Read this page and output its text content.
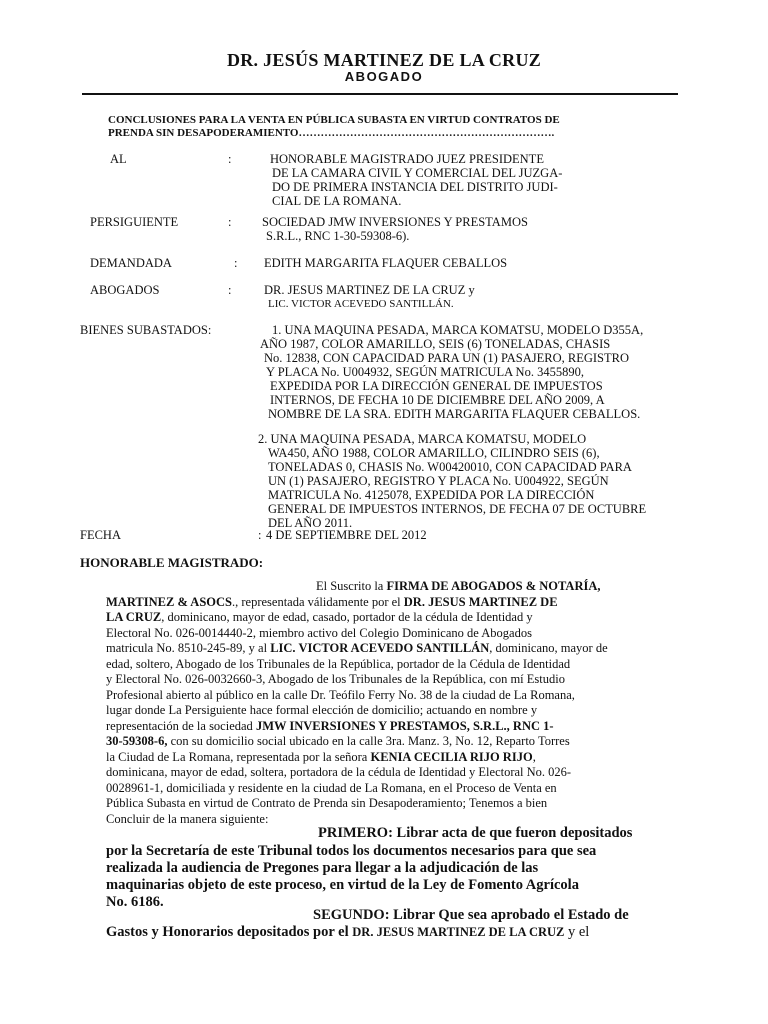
DR. JESÚS MARTINEZ DE LA CRUZ
ABOGADO
CONCLUSIONES PARA LA VENTA EN PÚBLICA SUBASTA EN VIRTUD CONTRATOS DE
PRENDA SIN DESAPODERAMIENTO…………………………………………………………….
AL	:	HONORABLE MAGISTRADO JUEZ PRESIDENTE
DE LA CAMARA CIVIL Y COMERCIAL DEL JUZGA-
DO DE PRIMERA INSTANCIA DEL DISTRITO JUDI-
CIAL DE LA ROMANA.
PERSIGUIENTE	: SOCIEDAD JMW INVERSIONES Y PRESTAMOS
S.R.L., RNC 1-30-59308-6).
DEMANDADA	: EDITH MARGARITA FLAQUER CEBALLOS
ABOGADOS	:	DR. JESUS MARTINEZ DE LA CRUZ y
LIC. VICTOR ACEVEDO SANTILLÁN.
BIENES SUBASTADOS:	1. UNA MAQUINA PESADA, MARCA KOMATSU, MODELO D355A,
AÑO 1987, COLOR AMARILLO, SEIS (6) TONELADAS, CHASIS
No. 12838, CON CAPACIDAD PARA UN (1) PASAJERO, REGISTRO
Y PLACA No. U004932, SEGÚN MATRICULA No. 3455890,
EXPEDIDA POR LA DIRECCIÓN GENERAL DE IMPUESTOS
INTERNOS, DE FECHA 10 DE DICIEMBRE DEL AÑO 2009, A
NOMBRE DE LA SRA. EDITH MARGARITA FLAQUER CEBALLOS.
2. UNA MAQUINA PESADA, MARCA KOMATSU, MODELO
WA450, AÑO 1988, COLOR AMARILLO, CILINDRO SEIS (6),
TONELADAS 0, CHASIS No. W00420010, CON CAPACIDAD PARA
UN (1) PASAJERO, REGISTRO Y PLACA No. U004922, SEGÚN
MATRICULA No. 4125078, EXPEDIDA POR LA DIRECCIÓN
GENERAL DE IMPUESTOS INTERNOS, DE FECHA 07 DE OCTUBRE
DEL AÑO 2011.
FECHA	: 4 DE SEPTIEMBRE DEL 2012
HONORABLE MAGISTRADO:
El Suscrito la FIRMA DE ABOGADOS & NOTARÍA,
MARTINEZ & ASOCS., representada válidamente por el DR. JESUS MARTINEZ DE
LA CRUZ, dominicano, mayor de edad, casado, portador de la cédula de Identidad y
Electoral No. 026-0014440-2, miembro activo del Colegio Dominicano de Abogados
matricula No. 8510-245-89, y al LIC. VICTOR ACEVEDO SANTILLÁN, dominicano, mayor de
edad, soltero, Abogado de los Tribunales de la República, portador de la Cédula de Identidad
y Electoral No. 026-0032660-3, Abogado de los Tribunales de la República, con mí Estudio
Profesional abierto al público en la calle Dr. Teófilo Ferry No. 38 de la ciudad de La Romana,
lugar donde La Persiguiente hace formal elección de domicilio; actuando en nombre y
representación de la sociedad JMW INVERSIONES Y PRESTAMOS, S.R.L., RNC 1-
30-59308-6, con su domicilio social ubicado en la calle 3ra. Manz. 3, No. 12, Reparto Torres
la Ciudad de La Romana, representada por la señora KENIA CECILIA RIJO RIJO,
dominicana, mayor de edad, soltera, portadora de la cédula de Identidad y Electoral No. 026-
0028961-1, domiciliada y residente en la ciudad de La Romana, en el Proceso de Venta en
Pública Subasta en virtud de Contrato de Prenda sin Desapoderamiento; Tenemos a bien
Concluir de la manera siguiente:
PRIMERO: Librar acta de que fueron depositados
por la Secretaría de este Tribunal todos los documentos necesarios para que sea
realizada la audiencia de Pregones para llegar a la adjudicación de las
maquinarias objeto de este proceso, en virtud de la Ley de Fomento Agrícola
No. 6186.
SEGUNDO: Librar Que sea aprobado el Estado de
Gastos y Honorarios depositados por el DR. JESUS MARTINEZ DE LA CRUZ y el
